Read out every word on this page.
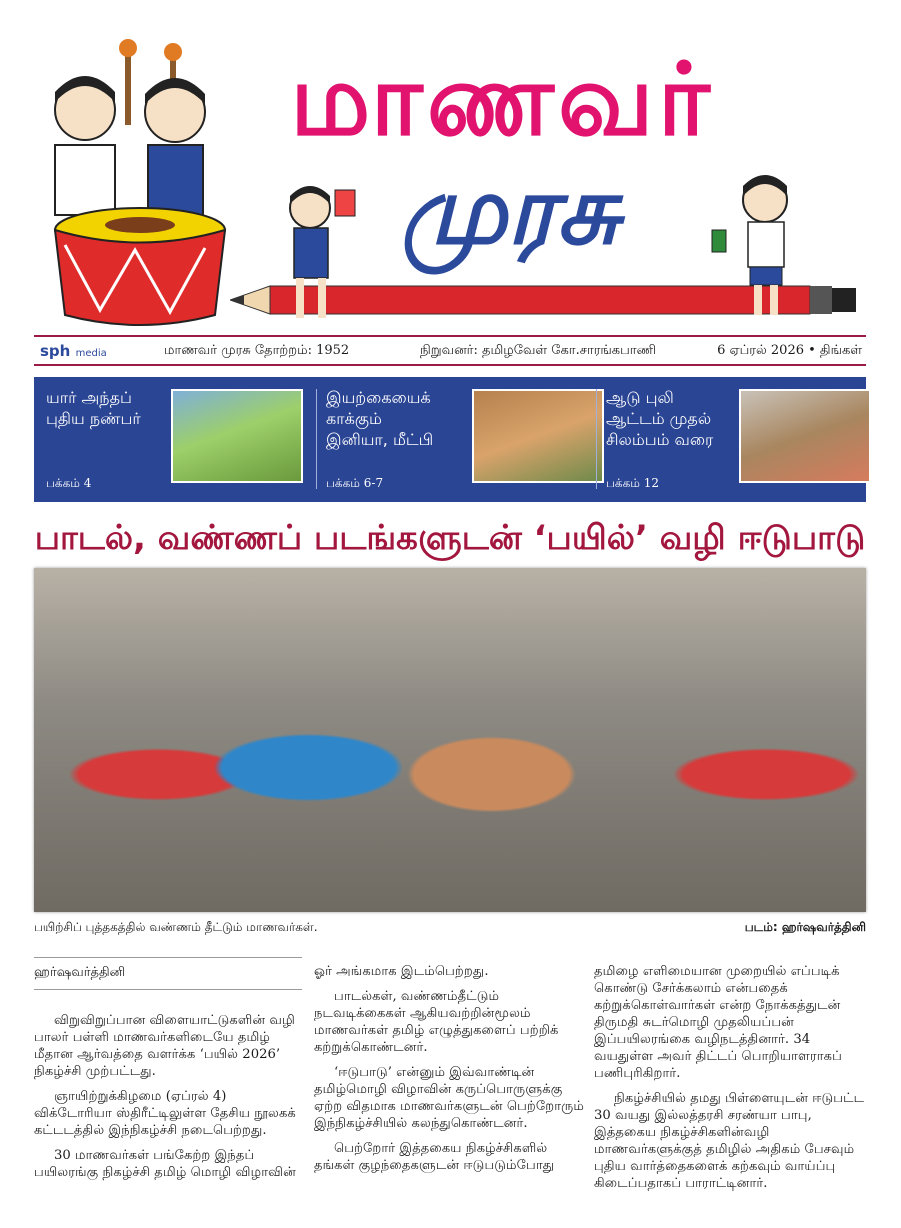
மாணவர்
முரசு
sph media	மாணவர் முரசு தோற்றம்: 1952	நிறுவனர்: தமிழவேள் கோ.சாரங்கபாணி	6 ஏப்ரல் 2026 • திங்கள்
யார் அந்தப் புதிய நண்பர்
பக்கம் 4
இயற்கையைக் காக்கும் இனியா, மீட்பி
பக்கம் 6-7
ஆடு புலி ஆட்டம் முதல் சிலம்பம் வரை
பக்கம் 12
பாடல், வண்ணப் படங்களுடன் ‘பயில்’ வழி ஈடுபாடு
பயிற்சிப் புத்தகத்தில் வண்ணம் தீட்டும் மாணவர்கள்.	படம்: ஹர்ஷவர்த்தினி
ஹர்ஷவர்த்தினி

விறுவிறுப்பான விளையாட்டுகளின் வழி பாலர் பள்ளி மாணவர்களிடையே தமிழ் மீதான ஆர்வத்தை வளர்க்க ‘பயில் 2026’ நிகழ்ச்சி முற்பட்டது.

ஞாயிற்றுக்கிழமை (ஏப்ரல் 4) விக்டோரியா ஸ்திரீட்டிலுள்ள தேசிய நூலகக் கட்டடத்தில் இந்நிகழ்ச்சி நடைபெற்றது.

30 மாணவர்கள் பங்கேற்ற இந்தப் பயிலரங்கு நிகழ்ச்சி தமிழ் மொழி விழாவின்

ஓர் அங்கமாக இடம்பெற்றது.

பாடல்கள், வண்ணம்தீட்டும் நடவடிக்கைகள் ஆகியவற்றின்மூலம் மாணவர்கள் தமிழ் எழுத்துகளைப் பற்றிக் கற்றுக்கொண்டனர்.

‘ஈடுபாடு’ என்னும் இவ்வாண்டின் தமிழ்மொழி விழாவின் கருப்பொருளுக்கு ஏற்ற விதமாக மாணவர்களுடன் பெற்றோரும் இந்நிகழ்ச்சியில் கலந்துகொண்டனர்.

பெற்றோர் இத்தகைய நிகழ்ச்சிகளில் தங்கள் குழந்தைகளுடன் ஈடுபடும்போது

தமிழை எளிமையான முறையில் எப்படிக் கொண்டு சேர்க்கலாம் என்பதைக் கற்றுக்கொள்வார்கள் என்ற நோக்கத்துடன் திருமதி சுடர்மொழி முதலியப்பன் இப்பயிலரங்கை வழிநடத்தினார். 34 வயதுள்ள அவர் திட்டப் பொறியாளராகப் பணிபுரிகிறார்.

நிகழ்ச்சியில் தமது பிள்ளையுடன் ஈடுபட்ட 30 வயது இல்லத்தரசி சரண்யா பாபு, இத்தகைய நிகழ்ச்சிகளின்வழி மாணவர்களுக்குத் தமிழில் அதிகம் பேசவும் புதிய வார்த்தைகளைக் கற்கவும் வாய்ப்பு கிடைப்பதாகப் பாராட்டினார்.
